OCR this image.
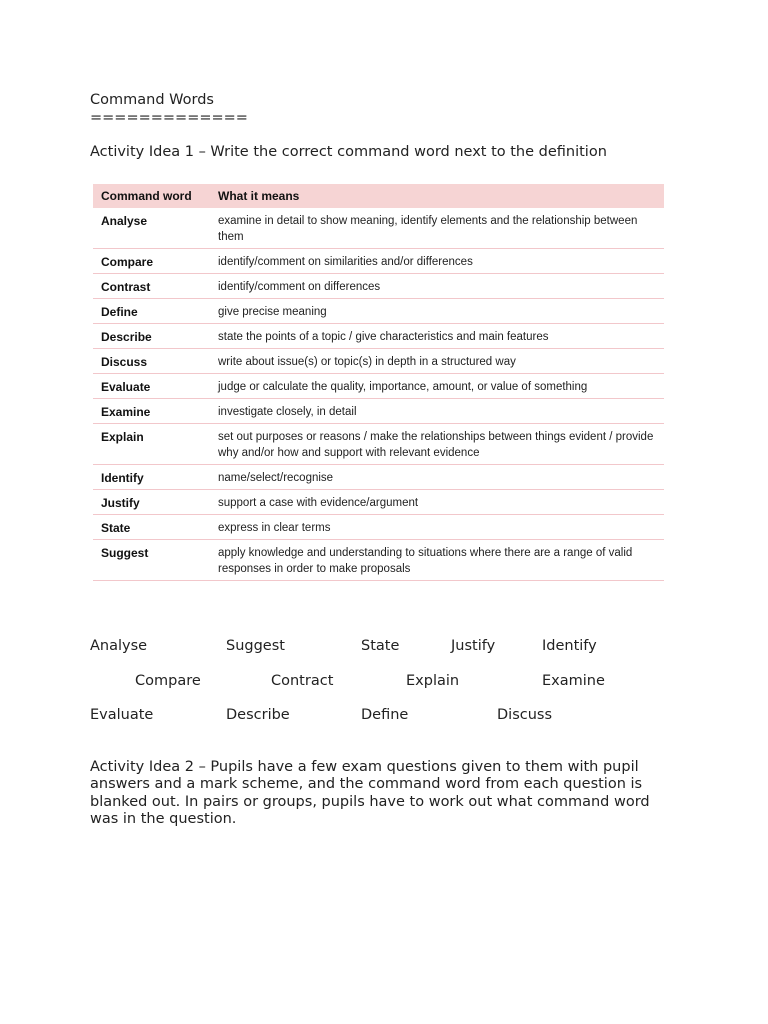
Command Words
=============
Activity Idea 1 – Write the correct command word next to the definition
Command word	What it means
Analyse	examine in detail to show meaning, identify elements and the relationship between them
Compare	identify/comment on similarities and/or differences
Contrast	identify/comment on differences
Define	give precise meaning
Describe	state the points of a topic / give characteristics and main features
Discuss	write about issue(s) or topic(s) in depth in a structured way
Evaluate	judge or calculate the quality, importance, amount, or value of something
Examine	investigate closely, in detail
Explain	set out purposes or reasons / make the relationships between things evident / provide why and/or how and support with relevant evidence
Identify	name/select/recognise
Justify	support a case with evidence/argument
State	express in clear terms
Suggest	apply knowledge and understanding to situations where there are a range of valid responses in order to make proposals
Analyse	Suggest	State	Justify	Identify
Compare	Contract	Explain	Examine
Evaluate	Describe	Define	Discuss
Activity Idea 2 – Pupils have a few exam questions given to them with pupil answers and a mark scheme, and the command word from each question is blanked out. In pairs or groups, pupils have to work out what command word was in the question.
